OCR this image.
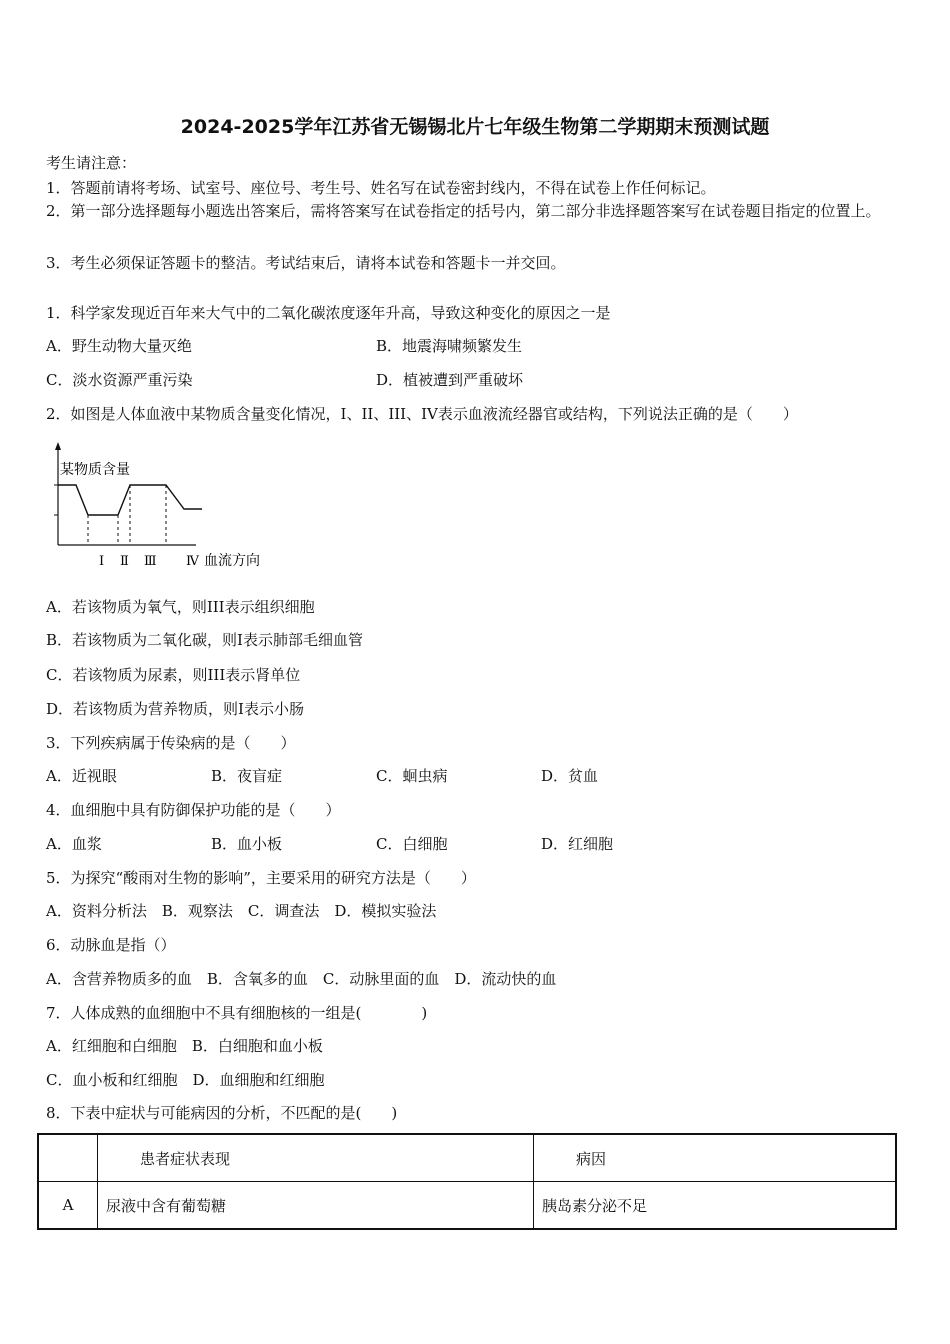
2024-2025学年江苏省无锡锡北片七年级生物第二学期期末预测试题
考生请注意：
1．答题前请将考场、试室号、座位号、考生号、姓名写在试卷密封线内，不得在试卷上作任何标记。
2．第一部分选择题每小题选出答案后，需将答案写在试卷指定的括号内，第二部分非选择题答案写在试卷题目指定的位置上。
3．考生必须保证答题卡的整洁。考试结束后，请将本试卷和答题卡一并交回。
1．科学家发现近百年来大气中的二氧化碳浓度逐年升高，导致这种变化的原因之一是
A．野生动物大量灭绝	B．地震海啸频繁发生
C．淡水资源严重污染	D．植被遭到严重破坏
2．如图是人体血液中某物质含量变化情况，I、II、III、IV表示血液流经器官或结构，下列说法正确的是（　　）
Ⅰ Ⅱ Ⅲ Ⅳ
某物质含量
血流方向
A．若该物质为氧气，则III表示组织细胞
B．若该物质为二氧化碳，则I表示肺部毛细血管
C．若该物质为尿素，则III表示肾单位
D．若该物质为营养物质，则I表示小肠
3．下列疾病属于传染病的是（　　）
A．近视眼	B．夜盲症	C．蛔虫病	D．贫血
4．血细胞中具有防御保护功能的是（　　）
A．血浆	B．血小板	C．白细胞	D．红细胞
5．为探究“酸雨对生物的影响”，主要采用的研究方法是（　　）
A．资料分析法　B．观察法　C．调查法　D．模拟实验法
6．动脉血是指（）
A．含营养物质多的血　B．含氧多的血　C．动脉里面的血　D．流动快的血
7．人体成熟的血细胞中不具有细胞核的一组是(　　　　)
A．红细胞和白细胞　B．白细胞和血小板
C．血小板和红细胞　D．血细胞和红细胞
8．下表中症状与可能病因的分析，不匹配的是(　　)
	患者症状表现	病因
A	尿液中含有葡萄糖	胰岛素分泌不足
